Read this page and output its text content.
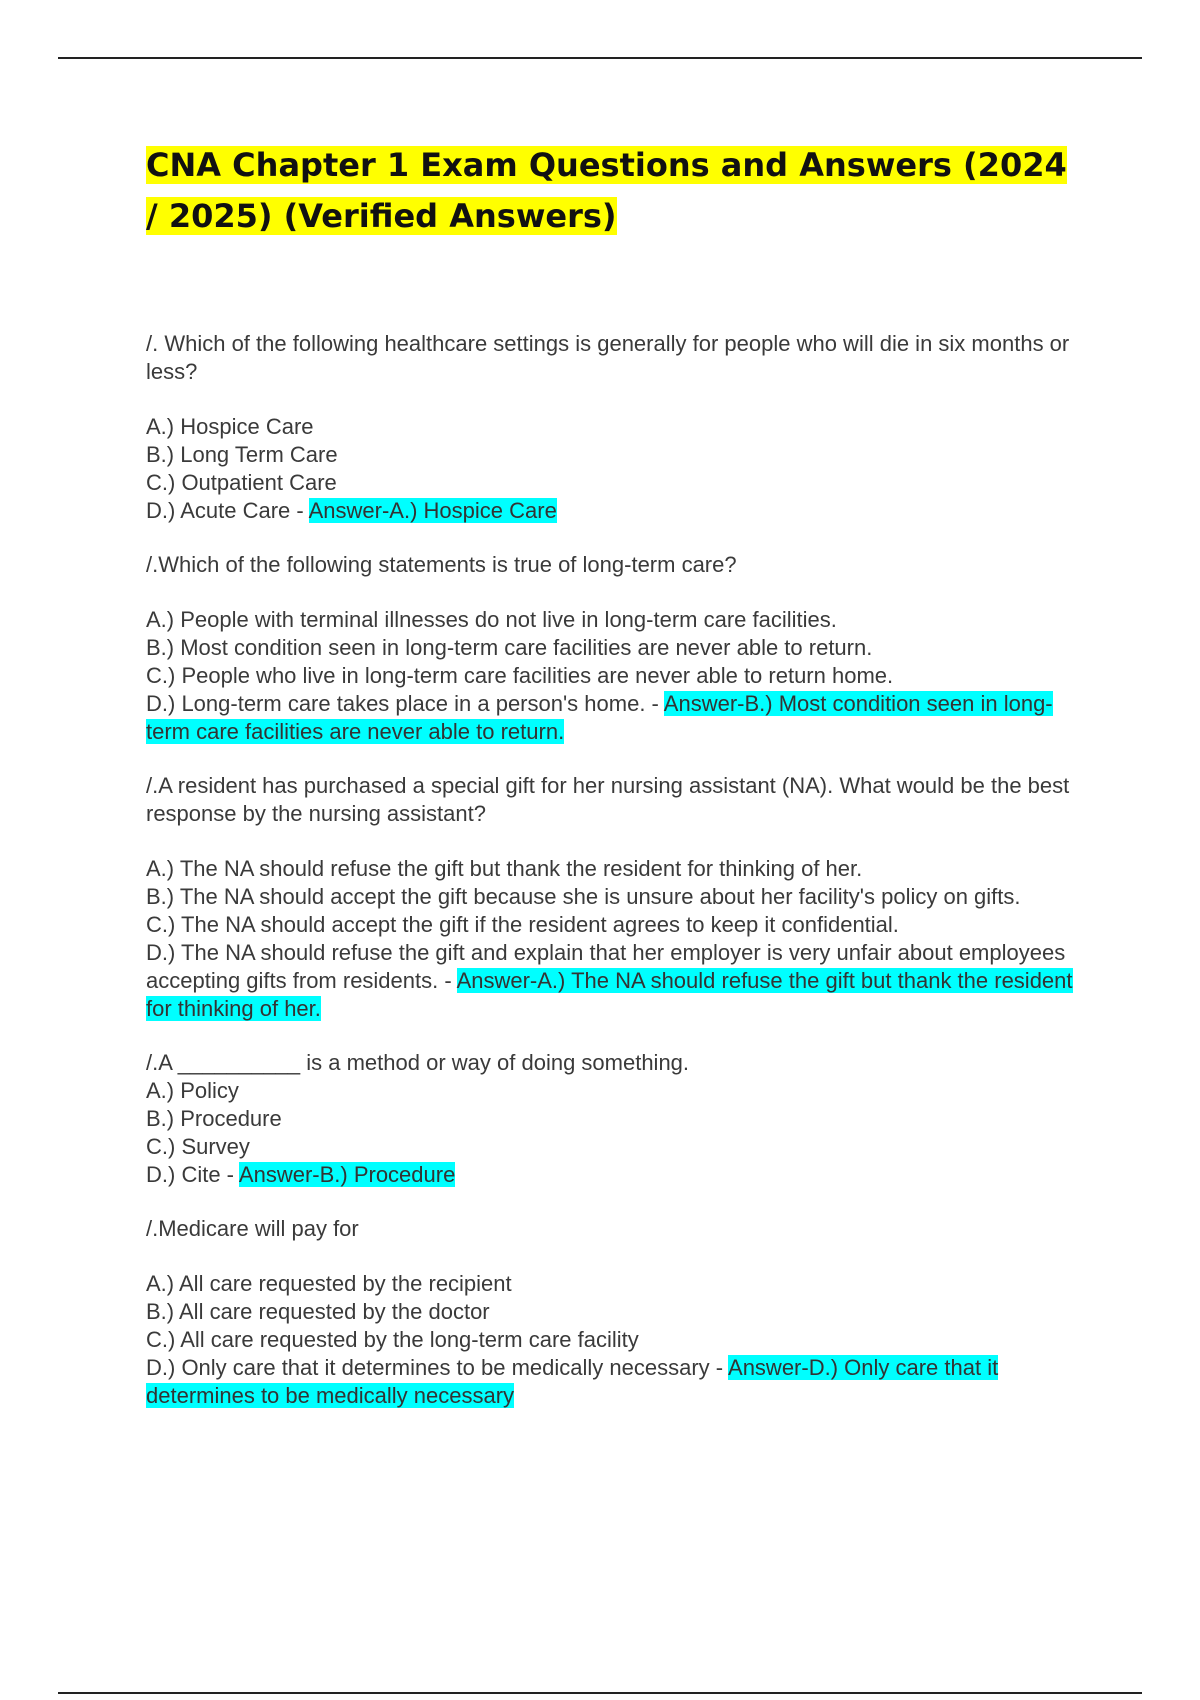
CNA Chapter 1 Exam Questions and Answers (2024 / 2025) (Verified Answers)

/. Which of the following healthcare settings is generally for people who will die in six months or less?

A.) Hospice Care

B.) Long Term Care

C.) Outpatient Care

D.) Acute Care - Answer-A.) Hospice Care

/.Which of the following statements is true of long-term care?

A.) People with terminal illnesses do not live in long-term care facilities.

B.) Most condition seen in long-term care facilities are never able to return.

C.) People who live in long-term care facilities are never able to return home.

D.) Long-term care takes place in a person's home. - Answer-B.) Most condition seen in long-term care facilities are never able to return.

/.A resident has purchased a special gift for her nursing assistant (NA). What would be the best response by the nursing assistant?

A.) The NA should refuse the gift but thank the resident for thinking of her.

B.) The NA should accept the gift because she is unsure about her facility's policy on gifts.

C.) The NA should accept the gift if the resident agrees to keep it confidential.

D.) The NA should refuse the gift and explain that her employer is very unfair about employees accepting gifts from residents. - Answer-A.) The NA should refuse the gift but thank the resident for thinking of her.

/.A __________ is a method or way of doing something.

A.) Policy

B.) Procedure

C.) Survey

D.) Cite - Answer-B.) Procedure

/.Medicare will pay for

A.) All care requested by the recipient

B.) All care requested by the doctor

C.) All care requested by the long-term care facility

D.) Only care that it determines to be medically necessary - Answer-D.) Only care that it determines to be medically necessary
